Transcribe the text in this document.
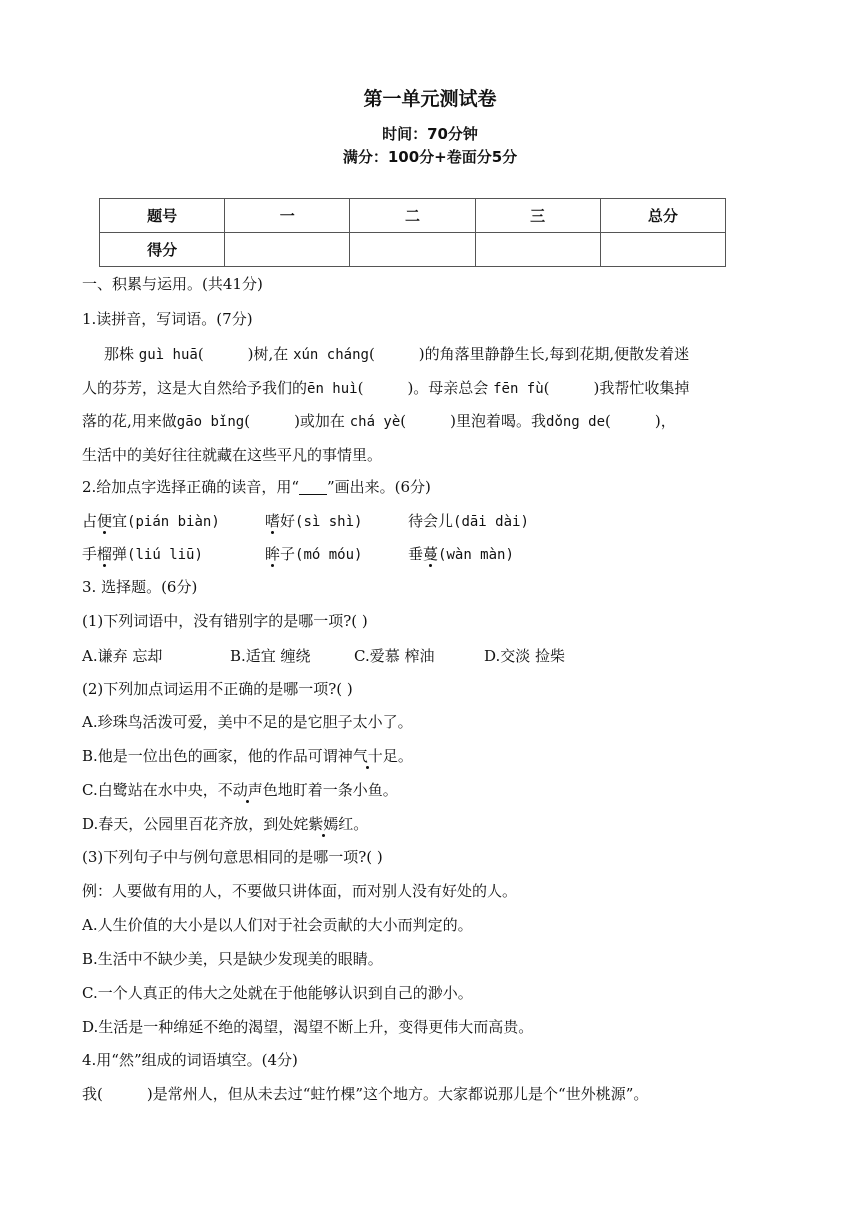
第一单元测试卷
时间：70分钟
满分：100分+卷面分5分
题号	一	二	三	总分
得分				
一、积累与运用。(共41分)
1.读拼音，写词语。(7分)
那株 guì huā(	)树,在 xún cháng(	)的角落里静静生长,每到花期,便散发着迷
人的芬芳，这是大自然给予我们的ēn huì(	)。母亲总会 fēn fù(	)我帮忙收集掉
落的花,用来做gāo bǐng(	)或加在 chá yè(	)里泡着喝。我dǒng de(	)，
生活中的美好往往就藏在这些平凡的事情里。
2.给加点字选择正确的读音，用“ ”画出来。(6分)
占便宜(pián biàn)	嗜好(sì shì)	待会儿(dāi dài)
手榴弹(liú liū)	眸子(mó móu)	垂蔓(wàn màn)
3. 选择题。(6分)
(1)下列词语中，没有错别字的是哪一项?( )
A.谦弃 忘却	B.适宜 缠绕	C.爱慕 榨油	D.交淡 捡柴
(2)下列加点词运用不正确的是哪一项?( )
A.珍珠鸟活泼可爱，美中不足的是它胆子太小了。
B.他是一位出色的画家，他的作品可谓神气十足。
C.白鹭站在水中央，不动声色地盯着一条小鱼。
D.春天，公园里百花齐放，到处姹紫嫣红。
(3)下列句子中与例句意思相同的是哪一项?( )
例：人要做有用的人，不要做只讲体面，而对别人没有好处的人。
A.人生价值的大小是以人们对于社会贡献的大小而判定的。
B.生活中不缺少美，只是缺少发现美的眼睛。
C.一个人真正的伟大之处就在于他能够认识到自己的渺小。
D.生活是一种绵延不绝的渴望，渴望不断上升，变得更伟大而高贵。
4.用“然”组成的词语填空。(4分)
我(	)是常州人，但从未去过“蛀竹棵”这个地方。大家都说那儿是个“世外桃源”。
